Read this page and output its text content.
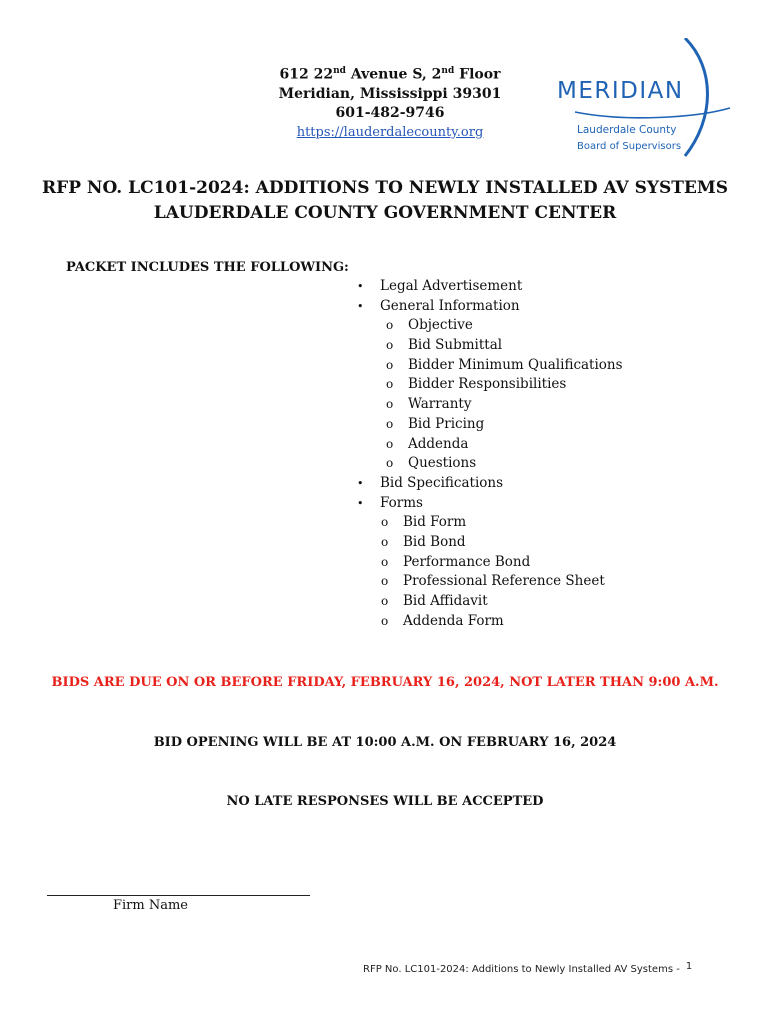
612 22nd Avenue S, 2nd Floor
Meridian, Mississippi 39301
601-482-9746
https://lauderdalecounty.org
MERIDIAN
Lauderdale County
Board of Supervisors
RFP NO. LC101-2024: ADDITIONS TO NEWLY INSTALLED AV SYSTEMS
LAUDERDALE COUNTY GOVERNMENT CENTER
PACKET INCLUDES THE FOLLOWING:
• Legal Advertisement
• General Information
o Objective
o Bid Submittal
o Bidder Minimum Qualifications
o Bidder Responsibilities
o Warranty
o Bid Pricing
o Addenda
o Questions
• Bid Specifications
• Forms
o Bid Form
o Bid Bond
o Performance Bond
o Professional Reference Sheet
o Bid Affidavit
o Addenda Form
BIDS ARE DUE ON OR BEFORE FRIDAY, FEBRUARY 16, 2024, NOT LATER THAN 9:00 A.M.
BID OPENING WILL BE AT 10:00 A.M. ON FEBRUARY 16, 2024
NO LATE RESPONSES WILL BE ACCEPTED
Firm Name
RFP No. LC101-2024: Additions to Newly Installed AV Systems - 1
